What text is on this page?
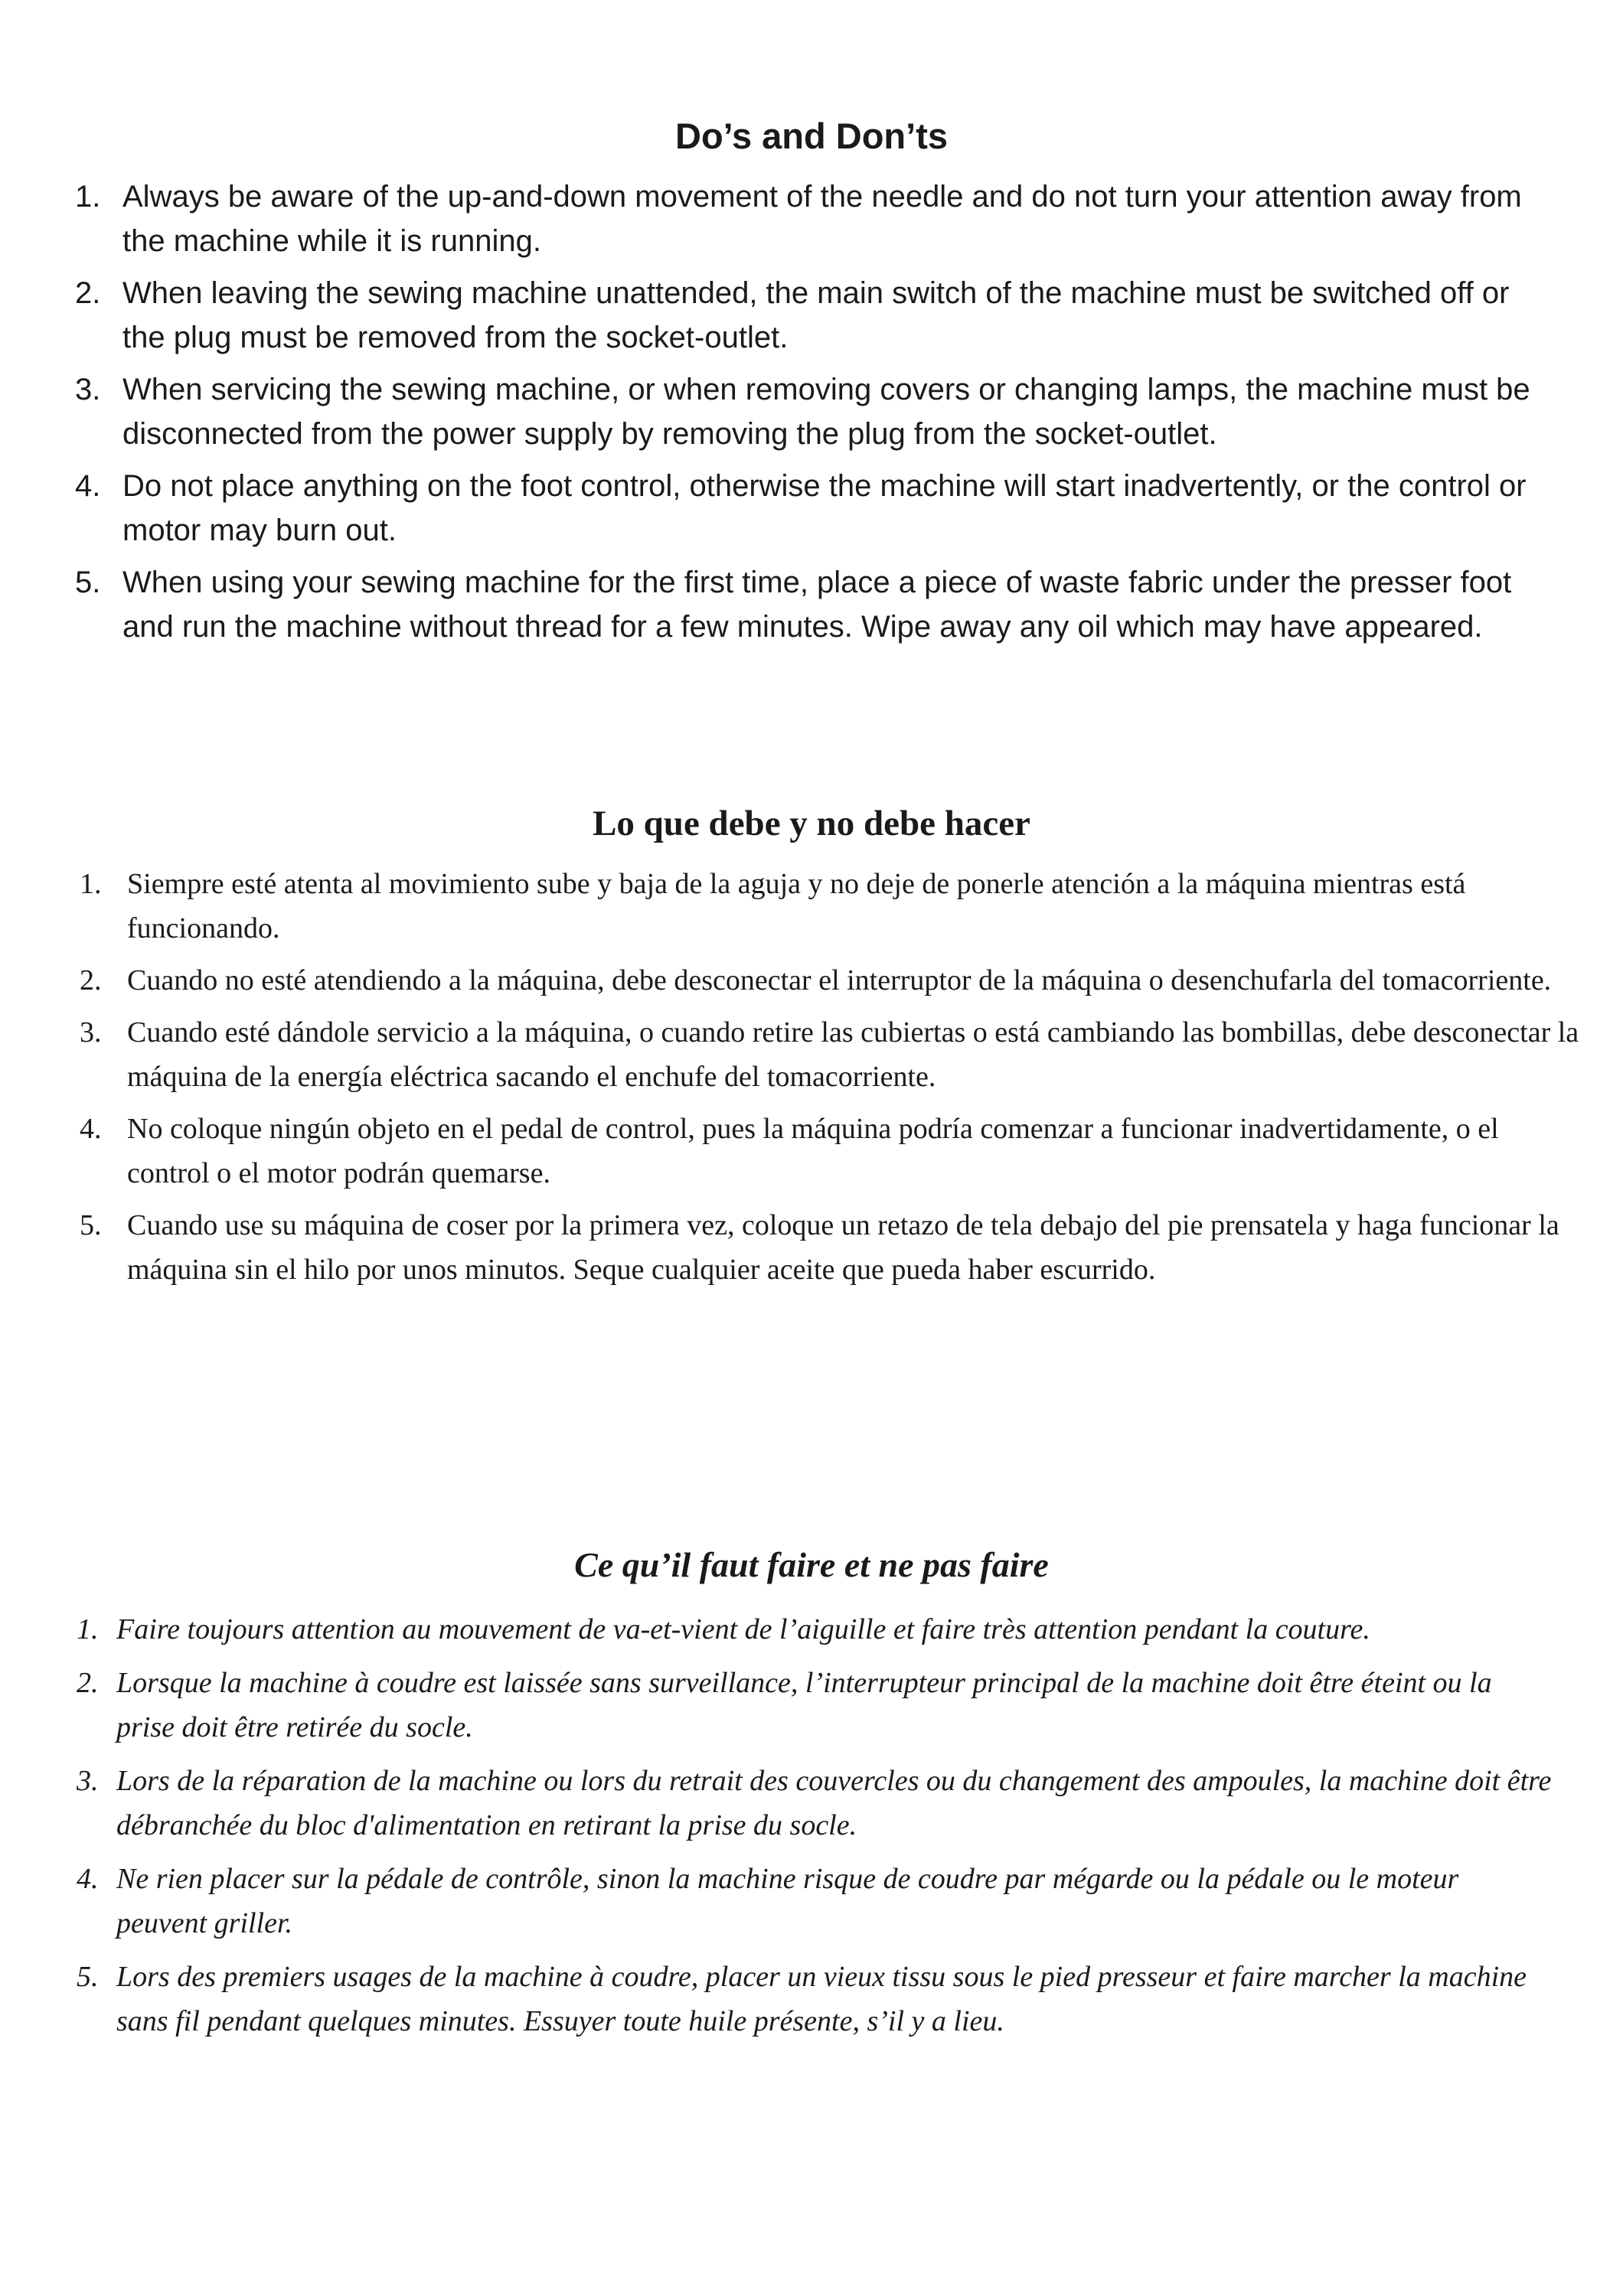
Do’s and Don’ts
1. Always be aware of the up-and-down movement of the needle and do not turn your attention away from the machine while it is running.
2. When leaving the sewing machine unattended, the main switch of the machine must be switched off or the plug must be removed from the socket-outlet.
3. When servicing the sewing machine, or when removing covers or changing lamps, the machine must be disconnected from the power supply by removing the plug from the socket-outlet.
4. Do not place anything on the foot control, otherwise the machine will start inadvertently, or the control or motor may burn out.
5. When using your sewing machine for the first time, place a piece of waste fabric under the presser foot and run the machine without thread for a few minutes. Wipe away any oil which may have appeared.
Lo que debe y no debe hacer
1. Siempre esté atenta al movimiento sube y baja de la aguja y no deje de ponerle atención a la máquina mientras está funcionando.
2. Cuando no esté atendiendo a la máquina, debe desconectar el interruptor de la máquina o desenchufarla del tomacorriente.
3. Cuando esté dándole servicio a la máquina, o cuando retire las cubiertas o está cambiando las bombillas, debe desconectar la máquina de la energía eléctrica sacando el enchufe del tomacorriente.
4. No coloque ningún objeto en el pedal de control, pues la máquina podría comenzar a funcionar inadvertidamente, o el control o el motor podrán quemarse.
5. Cuando use su máquina de coser por la primera vez, coloque un retazo de tela debajo del pie prensatela y haga funcionar la máquina sin el hilo por unos minutos. Seque cualquier aceite que pueda haber escurrido.
Ce qu’il faut faire et ne pas faire
1. Faire toujours attention au mouvement de va-et-vient de l’aiguille et faire très attention pendant la couture.
2. Lorsque la machine à coudre est laissée sans surveillance, l’interrupteur principal de la machine doit être éteint ou la prise doit être retirée du socle.
3. Lors de la réparation de la machine ou lors du retrait des couvercles ou du changement des ampoules, la machine doit être débranchée du bloc d'alimentation en retirant la prise du socle.
4. Ne rien placer sur la pédale de contrôle, sinon la machine risque de coudre par mégarde ou la pédale ou le moteur peuvent griller.
5. Lors des premiers usages de la machine à coudre, placer un vieux tissu sous le pied presseur et faire marcher la machine sans fil pendant quelques minutes. Essuyer toute huile présente, s’il y a lieu.
